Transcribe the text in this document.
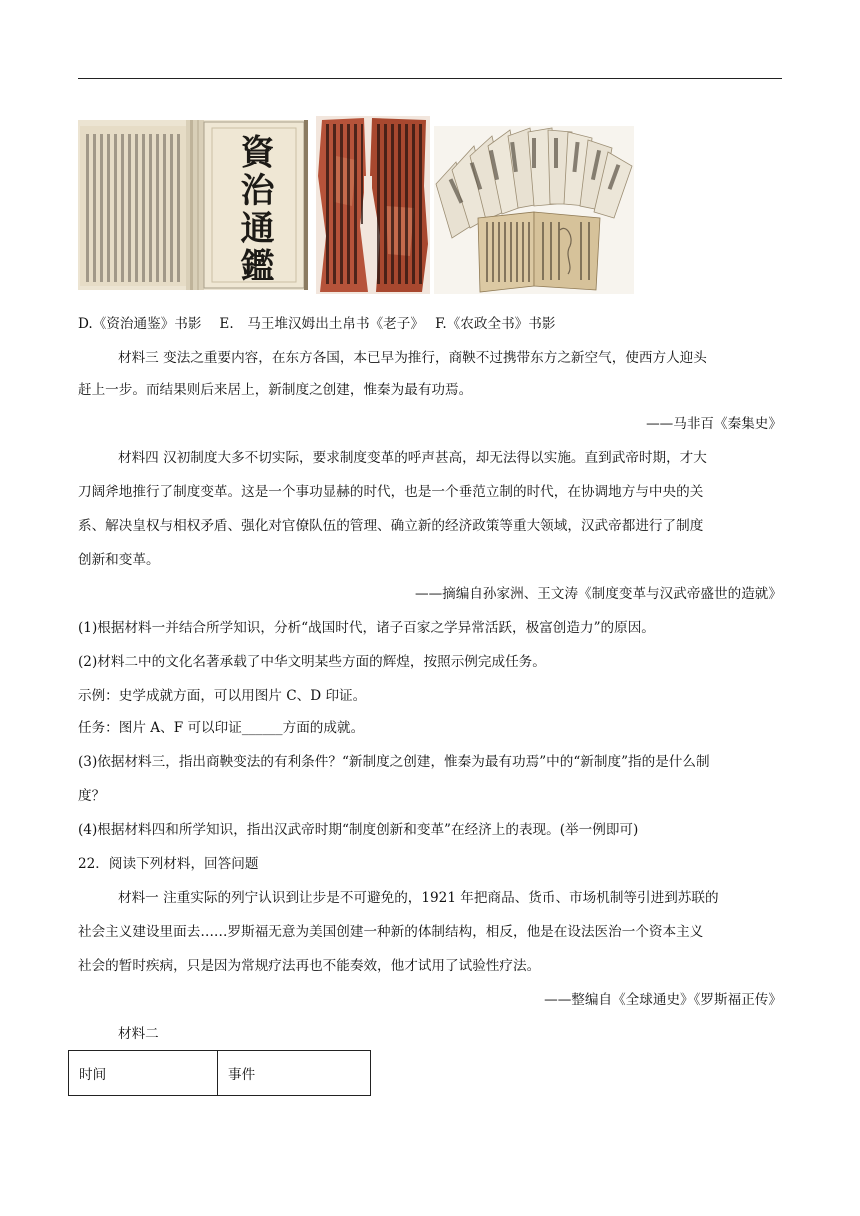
資治通鑑
D.《资治通鉴》书影　 E.　马王堆汉姆出土帛书《老子》　 F.《农政全书》书影
材料三 变法之重要内容，在东方各国，本已早为推行，商鞅不过携带东方之新空气，使西方人迎头
赶上一步。而结果则后来居上，新制度之创建，惟秦为最有功焉。
——马非百《秦集史》
材料四 汉初制度大多不切实际，要求制度变革的呼声甚高，却无法得以实施。直到武帝时期，才大
刀阔斧地推行了制度变革。这是一个事功显赫的时代，也是一个垂范立制的时代，在协调地方与中央的关
系、解决皇权与相权矛盾、强化对官僚队伍的管理、确立新的经济政策等重大领域，汉武帝都进行了制度
创新和变革。
——摘编自孙家洲、王文涛《制度变革与汉武帝盛世的造就》
(1)根据材料一并结合所学知识，分析“战国时代，诸子百家之学异常活跃，极富创造力”的原因。
(2)材料二中的文化名著承载了中华文明某些方面的辉煌，按照示例完成任务。
示例：史学成就方面，可以用图片 C、D 印证。
任务：图片 A、F 可以印证______方面的成就。
(3)依据材料三，指出商鞅变法的有利条件？“新制度之创建，惟秦为最有功焉”中的“新制度”指的是什么制
度？
(4)根据材料四和所学知识，指出汉武帝时期“制度创新和变革”在经济上的表现。(举一例即可)
22．阅读下列材料，回答问题
材料一 注重实际的列宁认识到让步是不可避免的，1921 年把商品、货币、市场机制等引进到苏联的
社会主义建设里面去……罗斯福无意为美国创建一种新的体制结构，相反，他是在设法医治一个资本主义
社会的暂时疾病，只是因为常规疗法再也不能奏效，他才试用了试验性疗法。
——整编自《全球通史》《罗斯福正传》
材料二
时间	事件
